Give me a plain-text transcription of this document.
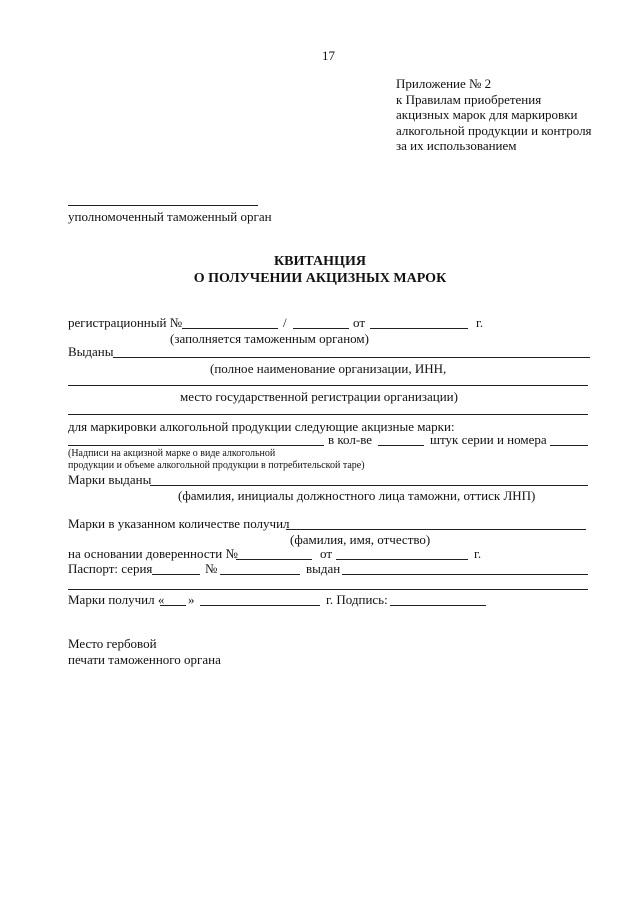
17
Приложение № 2
к Правилам приобретения
акцизных марок для маркировки
алкогольной продукции и контроля
за их использованием
уполномоченный таможенный орган
КВИТАНЦИЯ
О ПОЛУЧЕНИИ АКЦИЗНЫХ МАРОК
регистрационный №	/	от	г.
(заполняется таможенным органом)
Выданы
(полное наименование организации, ИНН,
место государственной регистрации организации)
для маркировки алкогольной продукции следующие акцизные марки:
в кол-ве	штук серии и номера
(Надписи на акцизной марке о виде алкогольной
продукции и объеме алкогольной продукции в потребительской таре)
Марки выданы
(фамилия, инициалы должностного лица таможни, оттиск ЛНП)
Марки в указанном количестве получил
(фамилия, имя, отчество)
на основании доверенности №	от	г.
Паспорт: серия	№	выдан
Марки получил « »	г. Подпись:
Место гербовой
печати таможенного органа
